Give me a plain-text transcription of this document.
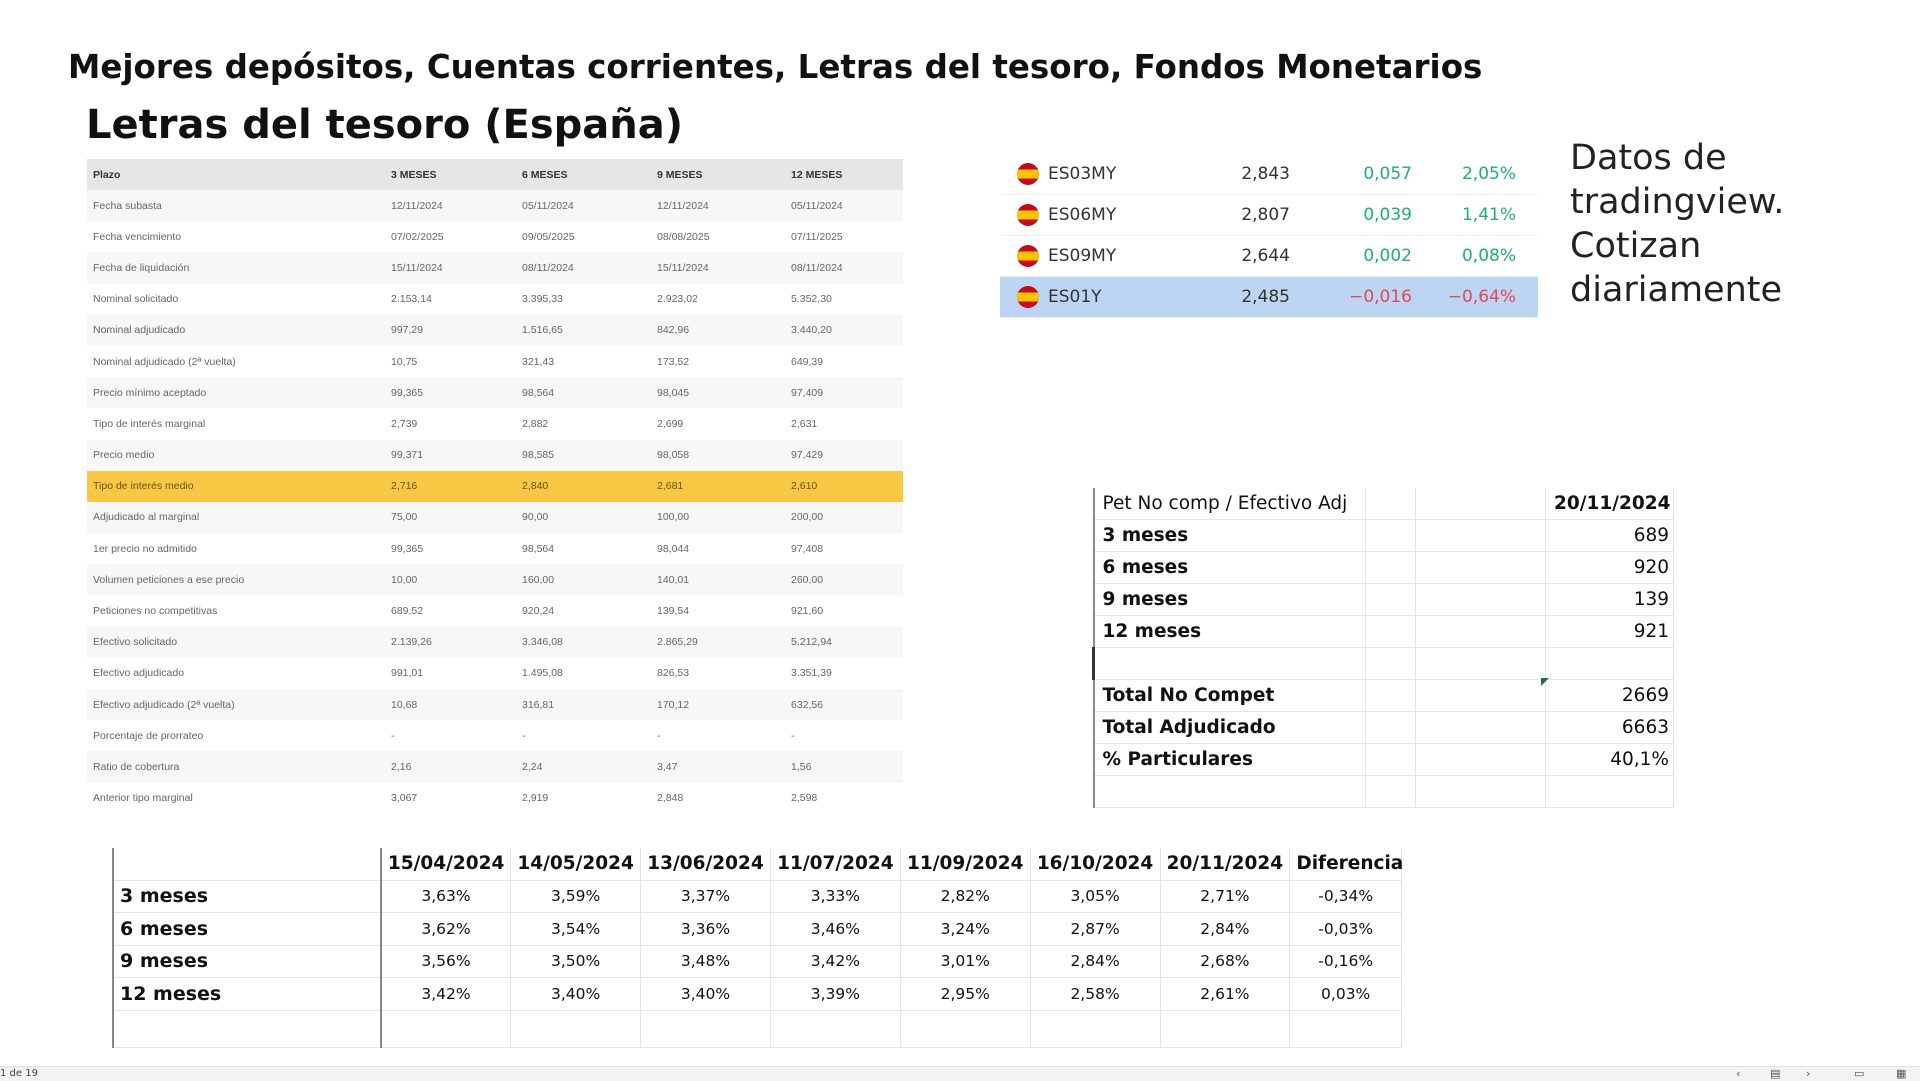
Mejores depósitos, Cuentas corrientes, Letras del tesoro, Fondos Monetarios
Letras del tesoro (España)
Plazo	3 MESES	6 MESES	9 MESES	12 MESES
Fecha subasta	12/11/2024	05/11/2024	12/11/2024	05/11/2024
Fecha vencimiento	07/02/2025	09/05/2025	08/08/2025	07/11/2025
Fecha de liquidación	15/11/2024	08/11/2024	15/11/2024	08/11/2024
Nominal solicitado	2.153,14	3.395,33	2.923,02	5.352,30
Nominal adjudicado	997,29	1.516,65	842,96	3.440,20
Nominal adjudicado (2ª vuelta)	10,75	321,43	173,52	649,39
Precio mínimo aceptado	99,365	98,564	98,045	97,409
Tipo de interés marginal	2,739	2,882	2,699	2,631
Precio medio	99,371	98,585	98,058	97,429
Tipo de interés medio	2,716	2,840	2,681	2,610
Adjudicado al marginal	75,00	90,00	100,00	200,00
1er precio no admitido	99,365	98,564	98,044	97,408
Volumen peticiones a ese precio	10,00	160,00	140,01	260,00
Peticiones no competitivas	689,52	920,24	139,54	921,60
Efectivo solicitado	2.139,26	3.346,08	2.865,29	5.212,94
Efectivo adjudicado	991,01	1.495,08	826,53	3.351,39
Efectivo adjudicado (2ª vuelta)	10,68	316,81	170,12	632,56
Porcentaje de prorrateo	-	-	-	-
Ratio de cobertura	2,16	2,24	3,47	1,56
Anterior tipo marginal	3,067	2,919	2,848	2,598
ES03MY	2,843	0,057	2,05%
ES06MY	2,807	0,039	1,41%
ES09MY	2,644	0,002	0,08%
ES01Y	2,485	−0,016 −0,64%
Datos de
tradingview.
Cotizan
diariamente
Pet No comp / Efectivo Adj			20/11/2024
3 meses			689
6 meses			920
9 meses			139
12 meses			921

Total No Compet			2669
Total Adjudicado			6663
% Particulares			40,1%

	15/04/2024	14/05/2024	13/06/2024	11/07/2024	11/09/2024	16/10/2024	20/11/2024	Diferencia
3 meses	3,63%	3,59%	3,37%	3,33%	2,82%	3,05%	2,71%	-0,34%
6 meses	3,62%	3,54%	3,36%	3,46%	3,24%	2,87%	2,84%	-0,03%
9 meses	3,56%	3,50%	3,48%	3,42%	3,01%	2,84%	2,68%	-0,16%
12 meses	3,42%	3,40%	3,40%	3,39%	2,95%	2,58%	2,61%	0,03%

1 de 19	‹	▤ ›	▭	▦
